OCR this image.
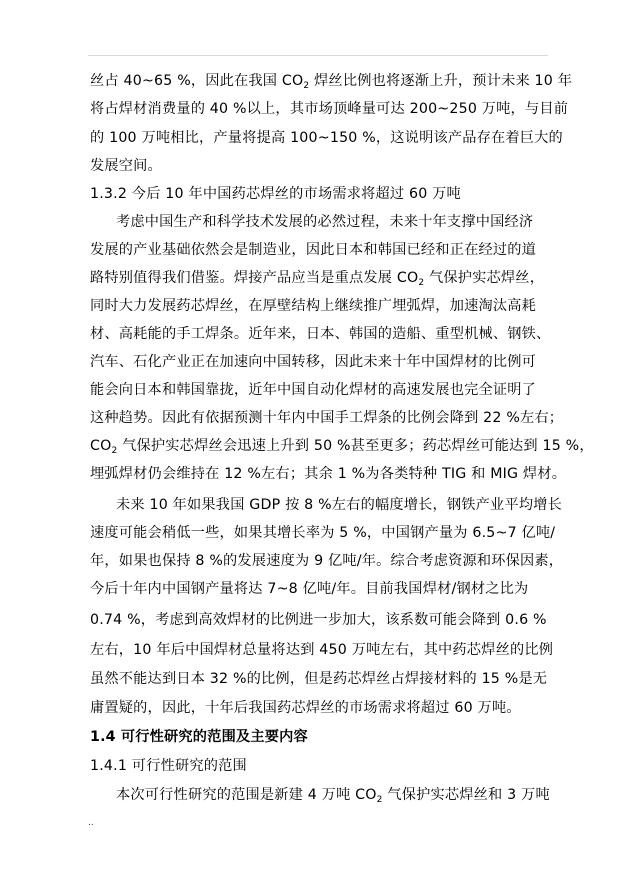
丝占 40~65 %，因此在我国 $CO_2$ 焊丝比例也将逐渐上升，预计未来 10 年
将占焊材消费量的 40 %以上，其市场顶峰量可达 200~250 万吨，与目前
的 100 万吨相比，产量将提高 100~150 %，这说明该产品存在着巨大的
发展空间。
1.3.2 今后 10 年中国药芯焊丝的市场需求将超过 60 万吨
考虑中国生产和科学技术发展的必然过程，未来十年支撑中国经济
发展的产业基础依然会是制造业，因此日本和韩国已经和正在经过的道
路特别值得我们借鉴。焊接产品应当是重点发展 $CO_2$ 气保护实芯焊丝，
同时大力发展药芯焊丝，在厚壁结构上继续推广埋弧焊，加速淘汰高耗
材、高耗能的手工焊条。近年来，日本、韩国的造船、重型机械、钢铁、
汽车、石化产业正在加速向中国转移，因此未来十年中国焊材的比例可
能会向日本和韩国靠拢，近年中国自动化焊材的高速发展也完全证明了
这种趋势。因此有依据预测十年内中国手工焊条的比例会降到 22 %左右；
$CO_2$ 气保护实芯焊丝会迅速上升到 50 %甚至更多；药芯焊丝可能达到 15 %，
埋弧焊材仍会维持在 12 %左右；其余 1 %为各类特种 TIG 和 MIG 焊材。
未来 10 年如果我国 GDP 按 8 %左右的幅度增长，钢铁产业平均增长
速度可能会稍低一些，如果其增长率为 5 %，中国钢产量为 6.5~7 亿吨/
年，如果也保持 8 %的发展速度为 9 亿吨/年。综合考虑资源和环保因素，
今后十年内中国钢产量将达 7~8 亿吨/年。目前我国焊材/钢材之比为
0.74 %，考虑到高效焊材的比例进一步加大，该系数可能会降到 0.6 %
左右，10 年后中国焊材总量将达到 450 万吨左右，其中药芯焊丝的比例
虽然不能达到日本 32 %的比例，但是药芯焊丝占焊接材料的 15 %是无
庸置疑的，因此，十年后我国药芯焊丝的市场需求将超过 60 万吨。
1.4 可行性研究的范围及主要内容
1.4.1 可行性研究的范围
本次可行性研究的范围是新建 4 万吨 $CO_2$ 气保护实芯焊丝和 3 万吨
..
